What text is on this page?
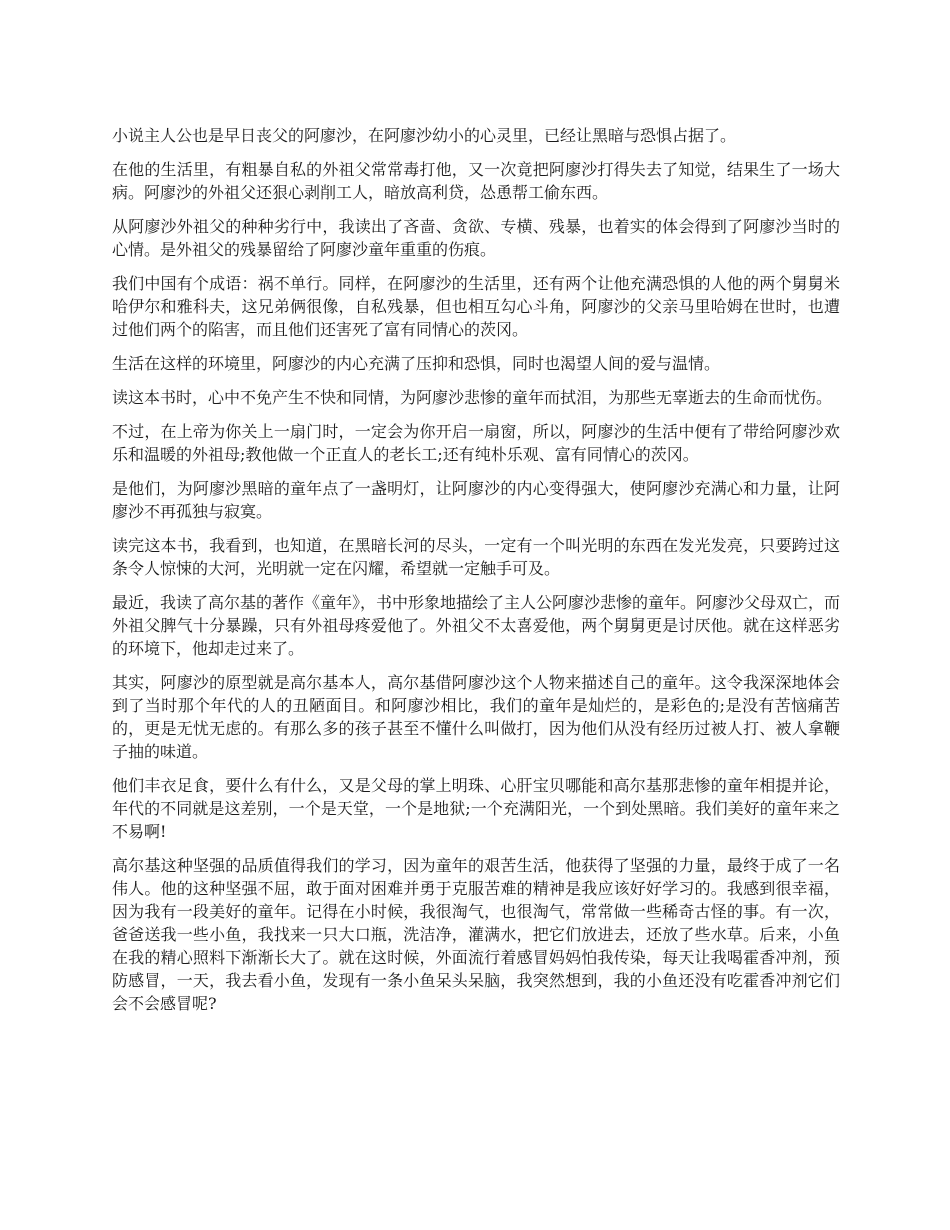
小说主人公也是早日丧父的阿廖沙，在阿廖沙幼小的心灵里，已经让黑暗与恐惧占据了。

在他的生活里，有粗暴自私的外祖父常常毒打他，又一次竟把阿廖沙打得失去了知觉，结果生了一场大病。阿廖沙的外祖父还狠心剥削工人，暗放高利贷，怂恿帮工偷东西。

从阿廖沙外祖父的种种劣行中，我读出了吝啬、贪欲、专横、残暴，也着实的体会得到了阿廖沙当时的心情。是外祖父的残暴留给了阿廖沙童年重重的伤痕。

我们中国有个成语：祸不单行。同样，在阿廖沙的生活里，还有两个让他充满恐惧的人他的两个舅舅米哈伊尔和雅科夫，这兄弟俩很像，自私残暴，但也相互勾心斗角，阿廖沙的父亲马里哈姆在世时，也遭过他们两个的陷害，而且他们还害死了富有同情心的茨冈。

生活在这样的环境里，阿廖沙的内心充满了压抑和恐惧，同时也渴望人间的爱与温情。

读这本书时，心中不免产生不快和同情，为阿廖沙悲惨的童年而拭泪，为那些无辜逝去的生命而忧伤。

不过，在上帝为你关上一扇门时，一定会为你开启一扇窗，所以，阿廖沙的生活中便有了带给阿廖沙欢乐和温暖的外祖母;教他做一个正直人的老长工;还有纯朴乐观、富有同情心的茨冈。

是他们，为阿廖沙黑暗的童年点了一盏明灯，让阿廖沙的内心变得强大，使阿廖沙充满心和力量，让阿廖沙不再孤独与寂寞。

读完这本书，我看到，也知道，在黑暗长河的尽头，一定有一个叫光明的东西在发光发亮，只要跨过这条令人惊悚的大河，光明就一定在闪耀，希望就一定触手可及。

最近，我读了高尔基的著作《童年》，书中形象地描绘了主人公阿廖沙悲惨的童年。阿廖沙父母双亡，而外祖父脾气十分暴躁，只有外祖母疼爱他了。外祖父不太喜爱他，两个舅舅更是讨厌他。就在这样恶劣的环境下，他却走过来了。

其实，阿廖沙的原型就是高尔基本人，高尔基借阿廖沙这个人物来描述自己的童年。这令我深深地体会到了当时那个年代的人的丑陋面目。和阿廖沙相比，我们的童年是灿烂的，是彩色的;是没有苦恼痛苦的，更是无忧无虑的。有那么多的孩子甚至不懂什么叫做打，因为他们从没有经历过被人打、被人拿鞭子抽的味道。

他们丰衣足食，要什么有什么，又是父母的掌上明珠、心肝宝贝哪能和高尔基那悲惨的童年相提并论，年代的不同就是这差别，一个是天堂，一个是地狱;一个充满阳光，一个到处黑暗。我们美好的童年来之不易啊!

高尔基这种坚强的品质值得我们的学习，因为童年的艰苦生活，他获得了坚强的力量，最终于成了一名伟人。他的这种坚强不屈，敢于面对困难并勇于克服苦难的精神是我应该好好学习的。我感到很幸福，因为我有一段美好的童年。记得在小时候，我很淘气，也很淘气，常常做一些稀奇古怪的事。有一次，爸爸送我一些小鱼，我找来一只大口瓶，洗洁净，灌满水，把它们放进去，还放了些水草。后来，小鱼在我的精心照料下渐渐长大了。就在这时候，外面流行着感冒妈妈怕我传染，每天让我喝霍香冲剂，预防感冒，一天，我去看小鱼，发现有一条小鱼呆头呆脑，我突然想到，我的小鱼还没有吃霍香冲剂它们会不会感冒呢?
